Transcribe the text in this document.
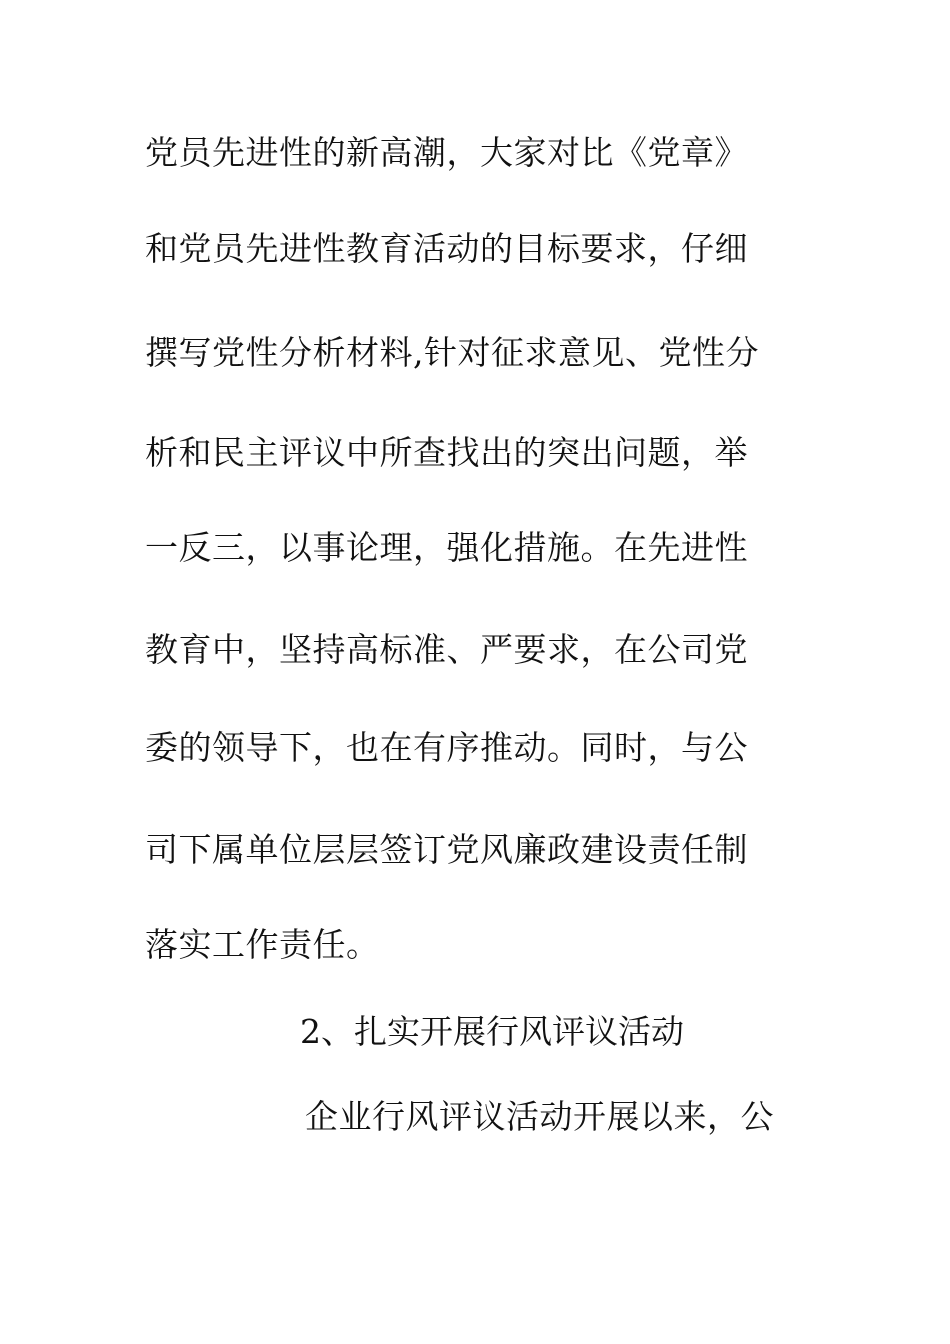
党员先进性的新高潮，大家对比《党章》
和党员先进性教育活动的目标要求，仔细
撰写党性分析材料,针对征求意见、党性分
析和民主评议中所查找出的突出问题，举
一反三，以事论理，强化措施。在先进性
教育中，坚持高标准、严要求，在公司党
委的领导下，也在有序推动。同时，与公
司下属单位层层签订党风廉政建设责任制
落实工作责任。
2、扎实开展行风评议活动
企业行风评议活动开展以来，公
